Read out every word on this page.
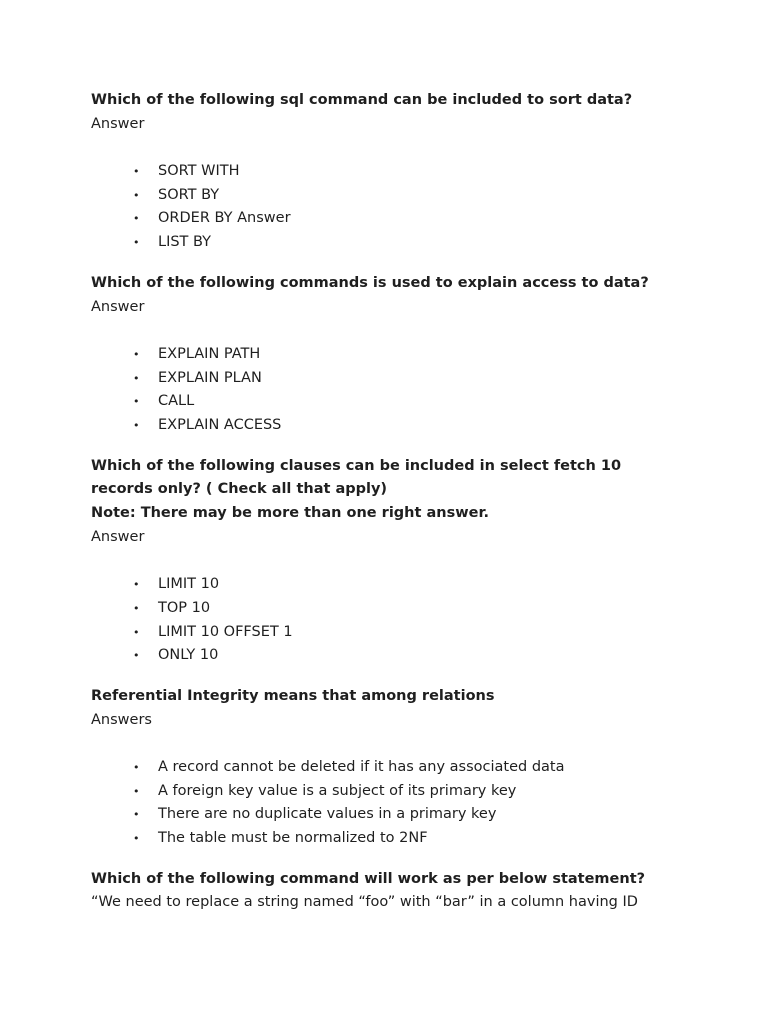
Which of the following sql command can be included to sort data?
Answer
• SORT WITH
• SORT BY
• ORDER BY Answer
• LIST BY
Which of the following commands is used to explain access to data?
Answer
• EXPLAIN PATH
• EXPLAIN PLAN
• CALL
• EXPLAIN ACCESS
Which of the following clauses can be included in select fetch 10
records only? ( Check all that apply)
Note: There may be more than one right answer.
Answer
• LIMIT 10
• TOP 10
• LIMIT 10 OFFSET 1
• ONLY 10
Referential Integrity means that among relations
Answers
• A record cannot be deleted if it has any associated data
• A foreign key value is a subject of its primary key
• There are no duplicate values in a primary key
• The table must be normalized to 2NF
Which of the following command will work as per below statement?
“We need to replace a string named “foo” with “bar” in a column having ID
